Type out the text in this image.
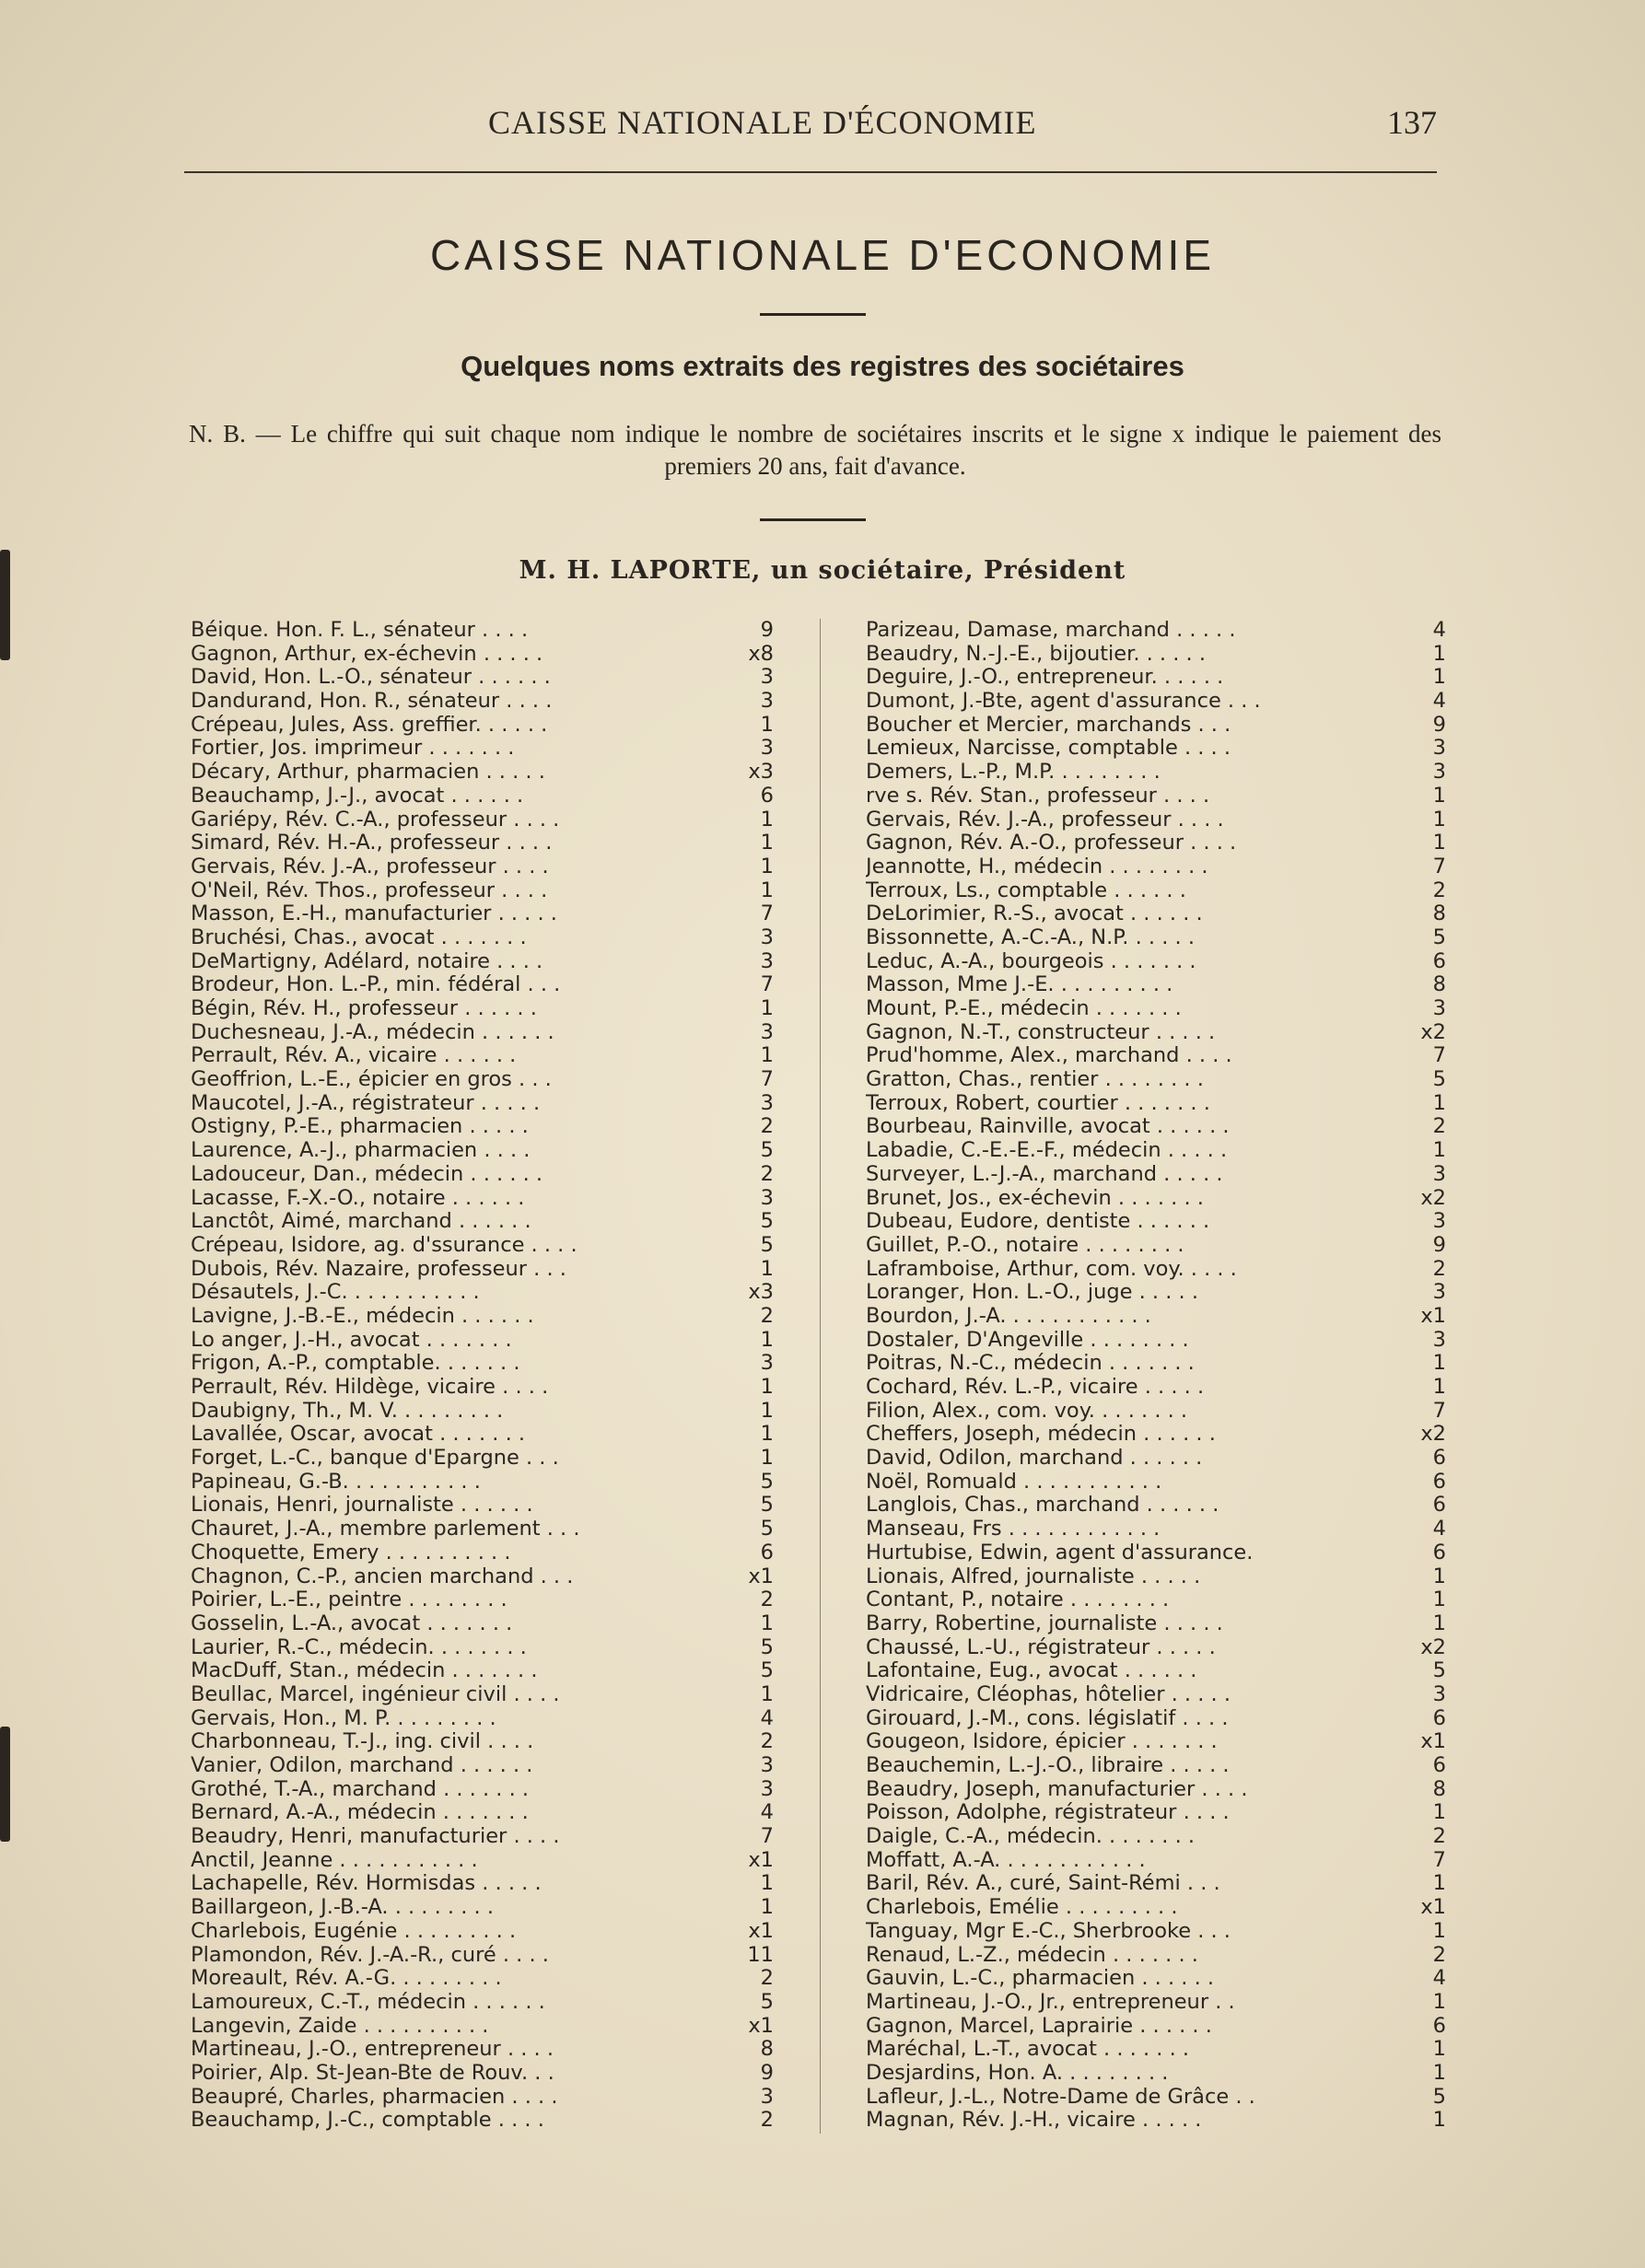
CAISSE NATIONALE D'ÉCONOMIE	137
CAISSE NATIONALE D'ECONOMIE
Quelques noms extraits des registres des sociétaires
N. B. — Le chiffre qui suit chaque nom indique le nombre de sociétaires inscrits et le signe x indique le paiement des premiers 20 ans, fait d'avance.
M. H. LAPORTE, un sociétaire, Président
Béique. Hon. F. L., sénateur . . . .	9
Gagnon, Arthur, ex-échevin . . . . .	x8
David, Hon. L.-O., sénateur . . . . . .	3
Dandurand, Hon. R., sénateur . . . .	3
Crépeau, Jules, Ass. greffier. . . . . .	1
Fortier, Jos. imprimeur . . . . . . .	3
Décary, Arthur, pharmacien . . . . .	x3
Beauchamp, J.-J., avocat . . . . . .	6
Gariépy, Rév. C.-A., professeur . . . .	1
Simard, Rév. H.-A., professeur . . . .	1
Gervais, Rév. J.-A., professeur . . . .	1
O'Neil, Rév. Thos., professeur . . . .	1
Masson, E.-H., manufacturier . . . . .	7
Bruchési, Chas., avocat . . . . . . .	3
DeMartigny, Adélard, notaire . . . .	3
Brodeur, Hon. L.-P., min. fédéral . . .	7
Bégin, Rév. H., professeur . . . . . .	1
Duchesneau, J.-A., médecin . . . . . .	3
Perrault, Rév. A., vicaire . . . . . .	1
Geoffrion, L.-E., épicier en gros . . .	7
Maucotel, J.-A., régistrateur . . . . .	3
Ostigny, P.-E., pharmacien . . . . .	2
Laurence, A.-J., pharmacien . . . .	5
Ladouceur, Dan., médecin . . . . . .	2
Lacasse, F.-X.-O., notaire . . . . . .	3
Lanctôt, Aimé, marchand . . . . . .	5
Crépeau, Isidore, ag. d'ssurance . . . .	5
Dubois, Rév. Nazaire, professeur . . .	1
Désautels, J.-C. . . . . . . . . . .	x3
Lavigne, J.-B.-E., médecin . . . . . .	2
Lo anger, J.-H., avocat . . . . . . .	1
Frigon, A.-P., comptable. . . . . . .	3
Perrault, Rév. Hildège, vicaire . . . .	1
Daubigny, Th., M. V. . . . . . . . .	1
Lavallée, Oscar, avocat . . . . . . .	1
Forget, L.-C., banque d'Epargne . . .	1
Papineau, G.-B. . . . . . . . . . .	5
Lionais, Henri, journaliste . . . . . .	5
Chauret, J.-A., membre parlement . . .	5
Choquette, Emery . . . . . . . . . .	6
Chagnon, C.-P., ancien marchand . . .	x1
Poirier, L.-E., peintre . . . . . . . .	2
Gosselin, L.-A., avocat . . . . . . .	1
Laurier, R.-C., médecin. . . . . . . .	5
MacDuff, Stan., médecin . . . . . . .	5
Beullac, Marcel, ingénieur civil . . . .	1
Gervais, Hon., M. P. . . . . . . . .	4
Charbonneau, T.-J., ing. civil . . . .	2
Vanier, Odilon, marchand . . . . . .	3
Grothé, T.-A., marchand . . . . . . .	3
Bernard, A.-A., médecin . . . . . . .	4
Beaudry, Henri, manufacturier . . . .	7
Anctil, Jeanne . . . . . . . . . . .	x1
Lachapelle, Rév. Hormisdas . . . . .	1
Baillargeon, J.-B.-A. . . . . . . . .	1
Charlebois, Eugénie . . . . . . . . .	x1
Plamondon, Rév. J.-A.-R., curé . . . .	11
Moreault, Rév. A.-G. . . . . . . . .	2
Lamoureux, C.-T., médecin . . . . . .	5
Langevin, Zaide . . . . . . . . . .	x1
Martineau, J.-O., entrepreneur . . . .	8
Poirier, Alp. St-Jean-Bte de Rouv. . .	9
Beaupré, Charles, pharmacien . . . .	3
Beauchamp, J.-C., comptable . . . .	2
Parizeau, Damase, marchand . . . . .	4
Beaudry, N.-J.-E., bijoutier. . . . . .	1
Deguire, J.-O., entrepreneur. . . . . .	1
Dumont, J.-Bte, agent d'assurance . . .	4
Boucher et Mercier, marchands . . .	9
Lemieux, Narcisse, comptable . . . .	3
Demers, L.-P., M.P. . . . . . . . .	3
rve s. Rév. Stan., professeur . . . .	1
Gervais, Rév. J.-A., professeur . . . .	1
Gagnon, Rév. A.-O., professeur . . . .	1
Jeannotte, H., médecin . . . . . . . .	7
Terroux, Ls., comptable . . . . . .	2
DeLorimier, R.-S., avocat . . . . . .	8
Bissonnette, A.-C.-A., N.P. . . . . .	5
Leduc, A.-A., bourgeois . . . . . . .	6
Masson, Mme J.-E. . . . . . . . . .	8
Mount, P.-E., médecin . . . . . . .	3
Gagnon, N.-T., constructeur . . . . .	x2
Prud'homme, Alex., marchand . . . .	7
Gratton, Chas., rentier . . . . . . . .	5
Terroux, Robert, courtier . . . . . . .	1
Bourbeau, Rainville, avocat . . . . . .	2
Labadie, C.-E.-E.-F., médecin . . . . .	1
Surveyer, L.-J.-A., marchand . . . . .	3
Brunet, Jos., ex-échevin . . . . . . .	x2
Dubeau, Eudore, dentiste . . . . . .	3
Guillet, P.-O., notaire . . . . . . . .	9
Laframboise, Arthur, com. voy. . . . .	2
Loranger, Hon. L.-O., juge . . . . .	3
Bourdon, J.-A. . . . . . . . . . . .	x1
Dostaler, D'Angeville . . . . . . . .	3
Poitras, N.-C., médecin . . . . . . .	1
Cochard, Rév. L.-P., vicaire . . . . .	1
Filion, Alex., com. voy. . . . . . . .	7
Cheffers, Joseph, médecin . . . . . .	x2
David, Odilon, marchand . . . . . .	6
Noël, Romuald . . . . . . . . . . .	6
Langlois, Chas., marchand . . . . . .	6
Manseau, Frs . . . . . . . . . . . .	4
Hurtubise, Edwin, agent d'assurance.	6
Lionais, Alfred, journaliste . . . . .	1
Contant, P., notaire . . . . . . . .	1
Barry, Robertine, journaliste . . . . .	1
Chaussé, L.-U., régistrateur . . . . .	x2
Lafontaine, Eug., avocat . . . . . .	5
Vidricaire, Cléophas, hôtelier . . . . .	3
Girouard, J.-M., cons. législatif . . . .	6
Gougeon, Isidore, épicier . . . . . . .	x1
Beauchemin, L.-J.-O., libraire . . . . .	6
Beaudry, Joseph, manufacturier . . . .	8
Poisson, Adolphe, régistrateur . . . .	1
Daigle, C.-A., médecin. . . . . . . .	2
Moffatt, A.-A. . . . . . . . . . . .	7
Baril, Rév. A., curé, Saint-Rémi . . .	1
Charlebois, Emélie . . . . . . . . .	x1
Tanguay, Mgr E.-C., Sherbrooke . . .	1
Renaud, L.-Z., médecin . . . . . . .	2
Gauvin, L.-C., pharmacien . . . . . .	4
Martineau, J.-O., Jr., entrepreneur . .	1
Gagnon, Marcel, Laprairie . . . . . .	6
Maréchal, L.-T., avocat . . . . . . .	1
Desjardins, Hon. A. . . . . . . . .	1
Lafleur, J.-L., Notre-Dame de Grâce . .	5
Magnan, Rév. J.-H., vicaire . . . . .	1
